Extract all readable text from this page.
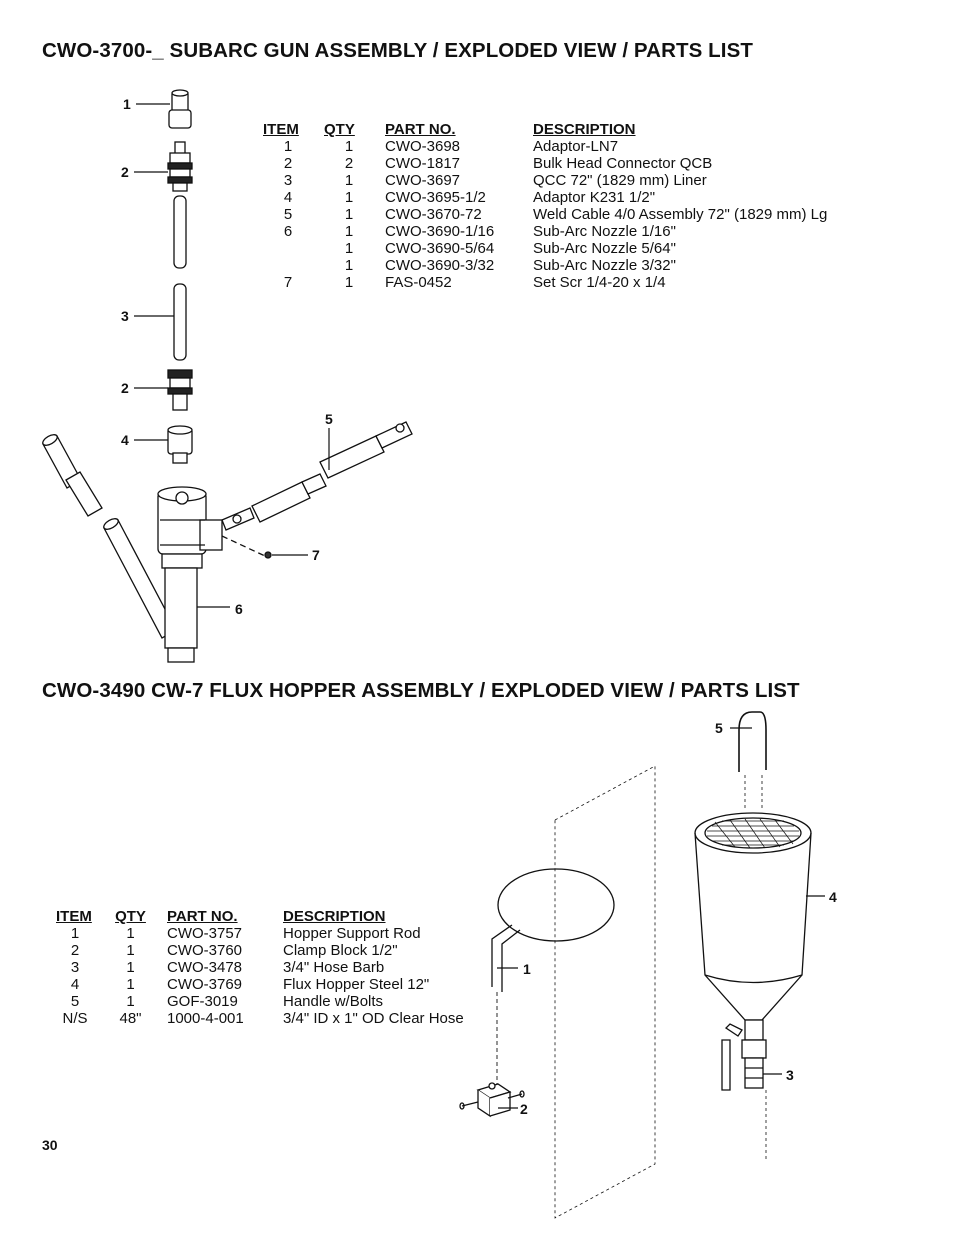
CWO-3700-_ SUBARC GUN ASSEMBLY / EXPLODED VIEW / PARTS LIST
CWO-3490 CW-7 FLUX HOPPER ASSEMBLY / EXPLODED VIEW / PARTS LIST
ITEM	QTY	PART NO.	DESCRIPTION
1	1	CWO-3698	Adaptor-LN7
2	2	CWO-1817	Bulk Head Connector QCB
3	1	CWO-3697	QCC 72" (1829 mm) Liner
4	1	CWO-3695-1/2	Adaptor K231 1/2"
5	1	CWO-3670-72	Weld Cable 4/0 Assembly 72" (1829 mm) Lg
6	1	CWO-3690-1/16	Sub-Arc Nozzle 1/16"
	1	CWO-3690-5/64	Sub-Arc Nozzle 5/64"
	1	CWO-3690-3/32	Sub-Arc Nozzle 3/32"
7	1	FAS-0452	Set Scr 1/4-20 x 1/4
ITEM	QTY	PART NO.	DESCRIPTION
1	1	CWO-3757	Hopper Support Rod
2	1	CWO-3760	Clamp Block 1/2"
3	1	CWO-3478	3/4" Hose Barb
4	1	CWO-3769	Flux Hopper Steel 12"
5	1	GOF-3019	Handle w/Bolts
N/S	48"	1000-4-001	3/4" ID x 1" OD Clear Hose
1
2
3
2
4
5
7
6
5
4
1
3
2
30
